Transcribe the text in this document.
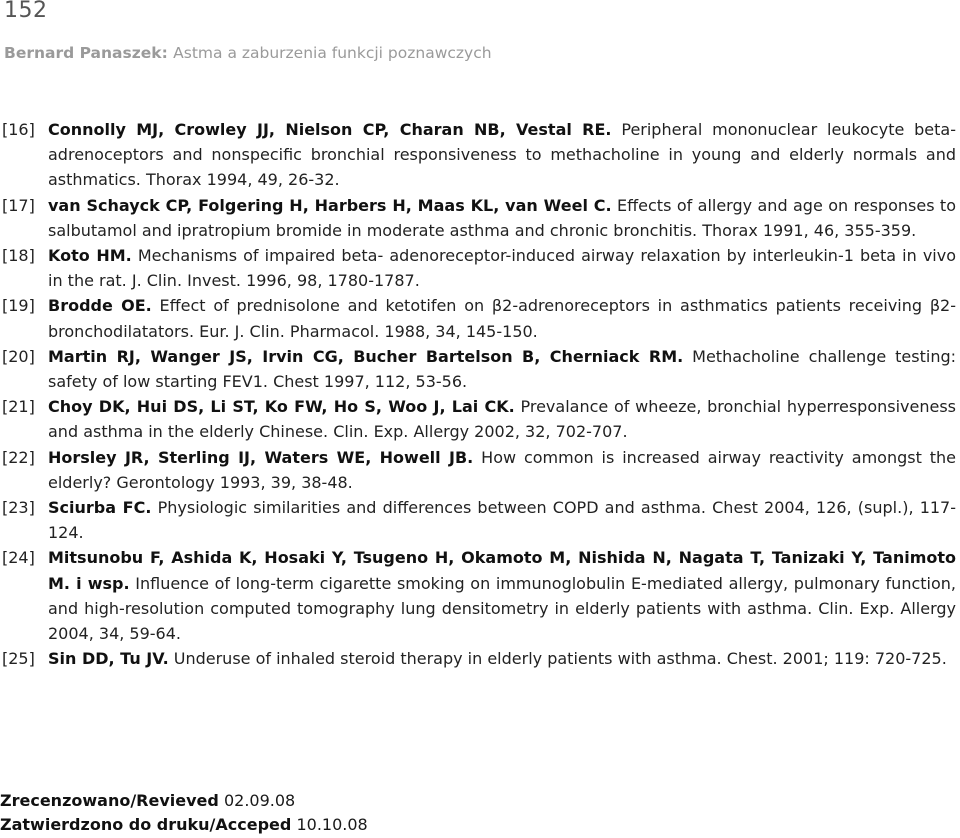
152
Bernard Panaszek: Astma a zaburzenia funkcji poznawczych
[16] Connolly MJ, Crowley JJ, Nielson CP, Charan NB, Vestal RE. Peripheral mononuclear leukocyte beta-adrenoceptors and nonspecific bronchial responsiveness to methacholine in young and elderly normals and asthmatics. Thorax 1994, 49, 26-32.
[17] van Schayck CP, Folgering H, Harbers H, Maas KL, van Weel C. Effects of allergy and age on responses to salbutamol and ipratropium bromide in moderate asthma and chronic bronchitis. Thorax 1991, 46, 355-359.
[18] Koto HM. Mechanisms of impaired beta- adenoreceptor-induced airway relaxation by interleukin-1 beta in vivo in the rat. J. Clin. Invest. 1996, 98, 1780-1787.
[19] Brodde OE. Effect of prednisolone and ketotifen on β2-adrenoreceptors in asthmatics patients receiving β2-bronchodilatators. Eur. J. Clin. Pharmacol. 1988, 34, 145-150.
[20] Martin RJ, Wanger JS, Irvin CG, Bucher Bartelson B, Cherniack RM. Methacholine challenge testing: safety of low starting FEV1. Chest 1997, 112, 53-56.
[21] Choy DK, Hui DS, Li ST, Ko FW, Ho S, Woo J, Lai CK. Prevalance of wheeze, bronchial hyperresponsiveness and asthma in the elderly Chinese. Clin. Exp. Allergy 2002, 32, 702-707.
[22] Horsley JR, Sterling IJ, Waters WE, Howell JB. How common is increased airway reactivity amongst the elderly? Gerontology 1993, 39, 38-48.
[23] Sciurba FC. Physiologic similarities and differences between COPD and asthma. Chest 2004, 126, (supl.), 117-124.
[24] Mitsunobu F, Ashida K, Hosaki Y, Tsugeno H, Okamoto M, Nishida N, Nagata T, Tanizaki Y, Tanimoto M. i wsp. Influence of long-term cigarette smoking on immunoglobulin E-mediated allergy, pulmonary function, and high-resolution computed tomography lung densitometry in elderly patients with asthma. Clin. Exp. Allergy 2004, 34, 59-64.
[25] Sin DD, Tu JV. Underuse of inhaled steroid therapy in elderly patients with asthma. Chest. 2001; 119: 720-725.
Zrecenzowano/Revieved 02.09.08
Zatwierdzono do druku/Acceped 10.10.08
